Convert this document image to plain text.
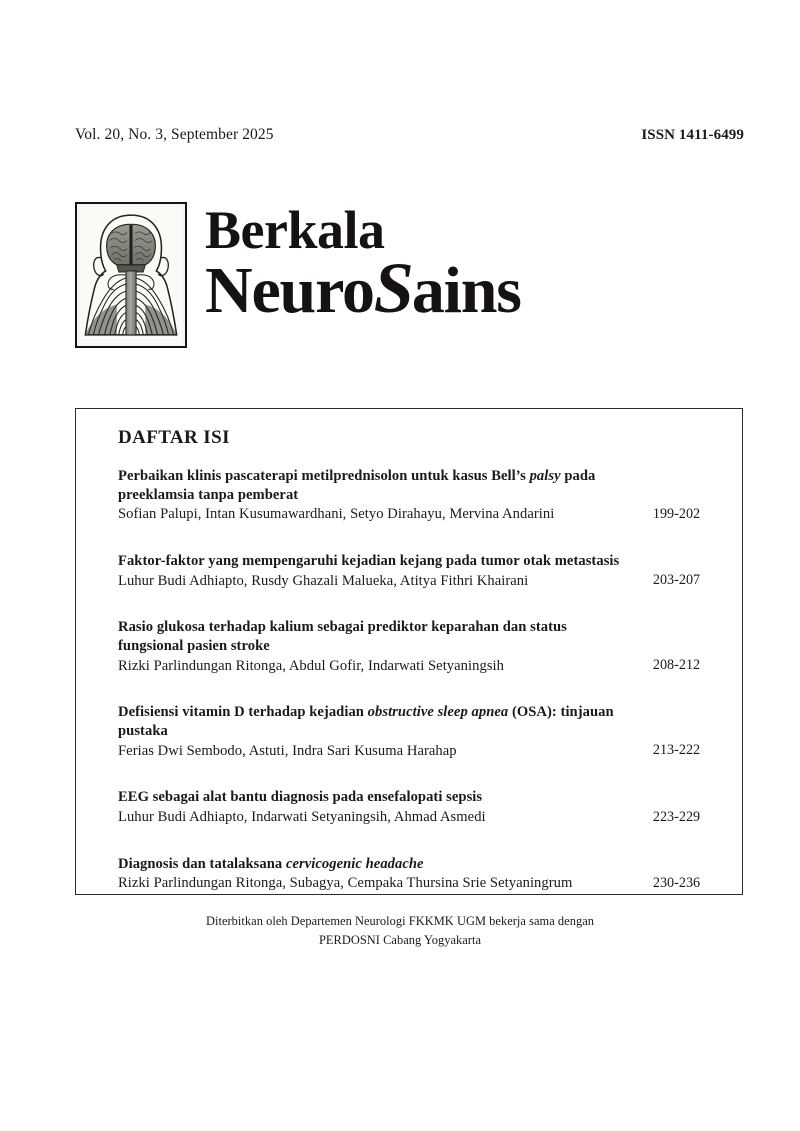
Vol. 20, No. 3, September 2025	ISSN 1411-6499
Berkala
NeuroSains
DAFTAR ISI
Perbaikan klinis pascaterapi metilprednisolon untuk kasus Bell’s palsy pada preeklamsia tanpa pemberat
Sofian Palupi, Intan Kusumawardhani, Setyo Dirahayu, Mervina Andarini	199-202
Faktor-faktor yang mempengaruhi kejadian kejang pada tumor otak metastasis
Luhur Budi Adhiapto, Rusdy Ghazali Malueka, Atitya Fithri Khairani	203-207
Rasio glukosa terhadap kalium sebagai prediktor keparahan dan status fungsional pasien stroke
Rizki Parlindungan Ritonga, Abdul Gofir, Indarwati Setyaningsih	208-212
Defisiensi vitamin D terhadap kejadian obstructive sleep apnea (OSA): tinjauan pustaka
Ferias Dwi Sembodo, Astuti, Indra Sari Kusuma Harahap	213-222
EEG sebagai alat bantu diagnosis pada ensefalopati sepsis
Luhur Budi Adhiapto, Indarwati Setyaningsih, Ahmad Asmedi	223-229
Diagnosis dan tatalaksana cervicogenic headache
Rizki Parlindungan Ritonga, Subagya, Cempaka Thursina Srie Setyaningrum	230-236
Diterbitkan oleh Departemen Neurologi FKKMK UGM bekerja sama dengan
PERDOSNI Cabang Yogyakarta
